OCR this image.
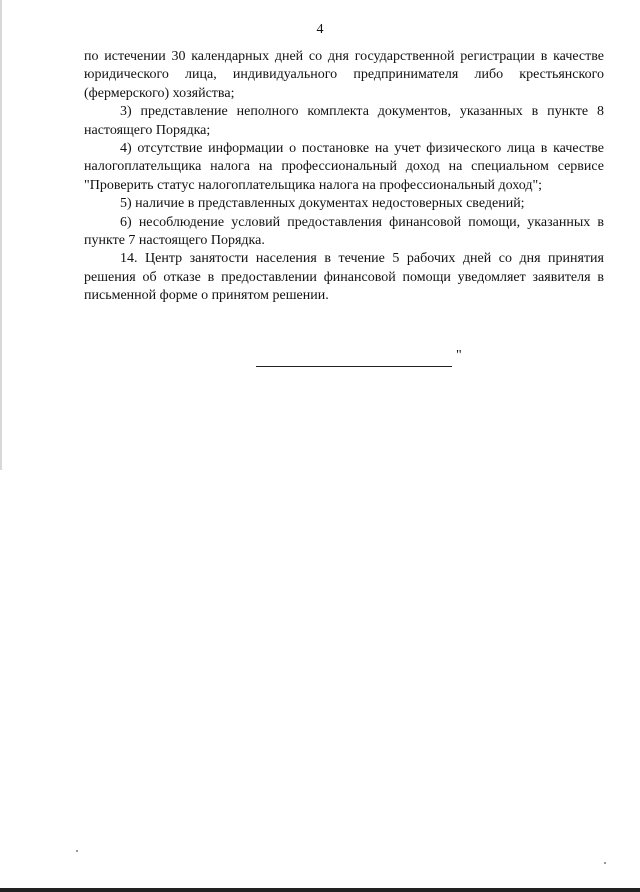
4

по истечении 30 календарных дней со дня государственной регистрации в качестве юридического лица, индивидуального предпринимателя либо крестьянского (фермерского) хозяйства;

3) представление неполного комплекта документов, указанных в пункте 8 настоящего Порядка;

4) отсутствие информации о постановке на учет физического лица в качестве налогоплательщика налога на профессиональный доход на специальном сервисе "Проверить статус налогоплательщика налога на профессиональный доход";

5) наличие в представленных документах недостоверных сведений;

6) несоблюдение условий предоставления финансовой помощи, указанных в пункте 7 настоящего Порядка.

14. Центр занятости населения в течение 5 рабочих дней со дня принятия решения об отказе в предоставлении финансовой помощи уведомляет заявителя в письменной форме о принятом решении.

"
